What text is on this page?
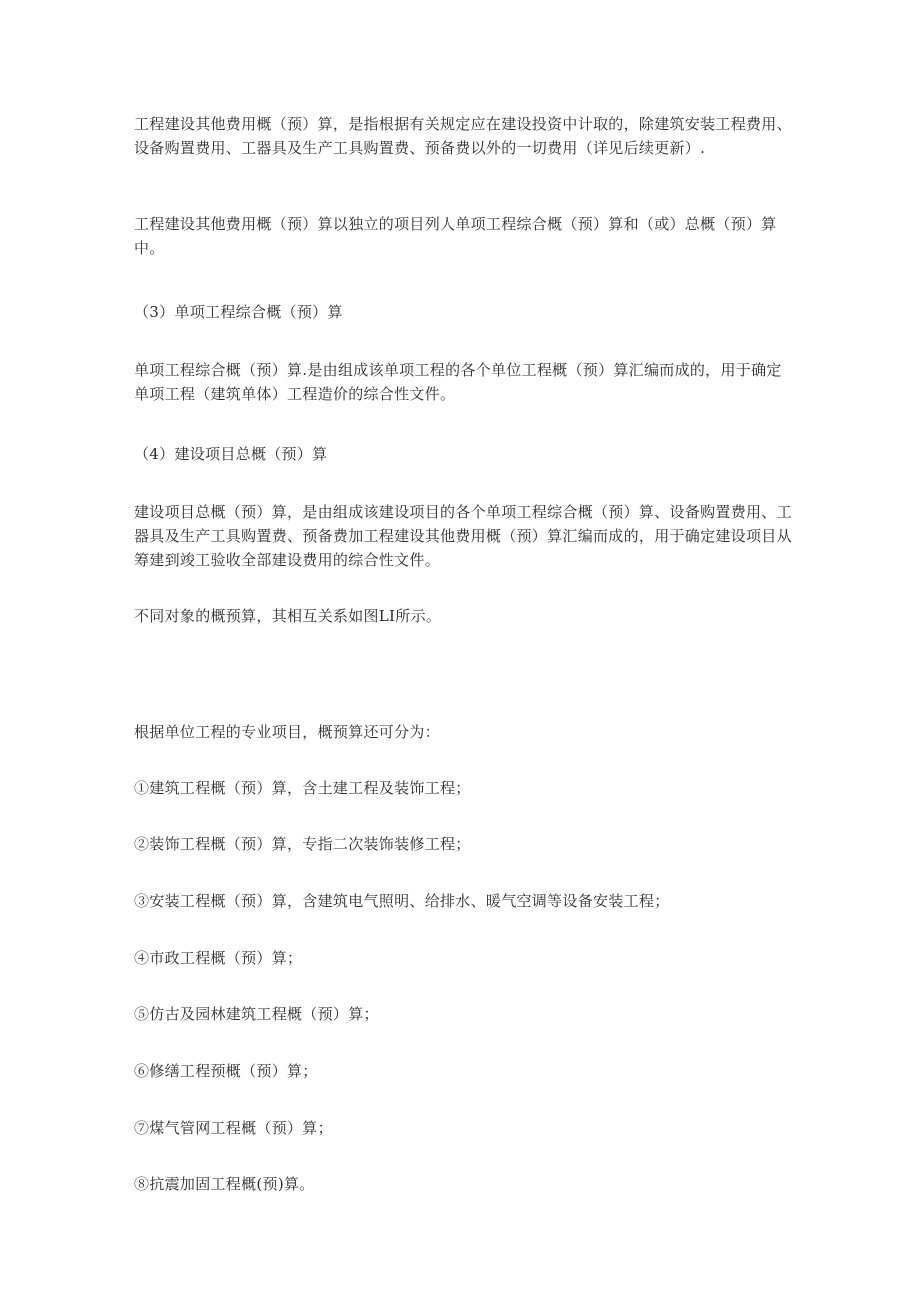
工程建设其他费用概（预）算，是指根据有关规定应在建设投资中计取的，除建筑安装工程费用、设备购置费用、工器具及生产工具购置费、预备费以外的一切费用（详见后续更新）.

工程建设其他费用概（预）算以独立的项目列人单项工程综合概（预）算和（或）总概（预）算中。

（3）单项工程综合概（预）算

单项工程综合概（预）算.是由组成该单项工程的各个单位工程概（预）算汇编而成的，用于确定单项工程（建筑单体）工程造价的综合性文件。

（4）建设项目总概（预）算

建设项目总概（预）算，是由组成该建设项目的各个单项工程综合概（预）算、设备购置费用、工器具及生产工具购置费、预备费加工程建设其他费用概（预）算汇编而成的，用于确定建设项目从筹建到竣工验收全部建设费用的综合性文件。

不同对象的概预算，其相互关系如图LI所示。

根据单位工程的专业项目，概预算还可分为：

①建筑工程概（预）算，含土建工程及装饰工程；

②装饰工程概（预）算，专指二次装饰装修工程；

③安装工程概（预）算，含建筑电气照明、给排水、暖气空调等设备安装工程；

④市政工程概（预）算；

⑤仿古及园林建筑工程概（预）算；

⑥修缮工程预概（预）算；

⑦煤气管网工程概（预）算；

⑧抗震加固工程概(预)算。
